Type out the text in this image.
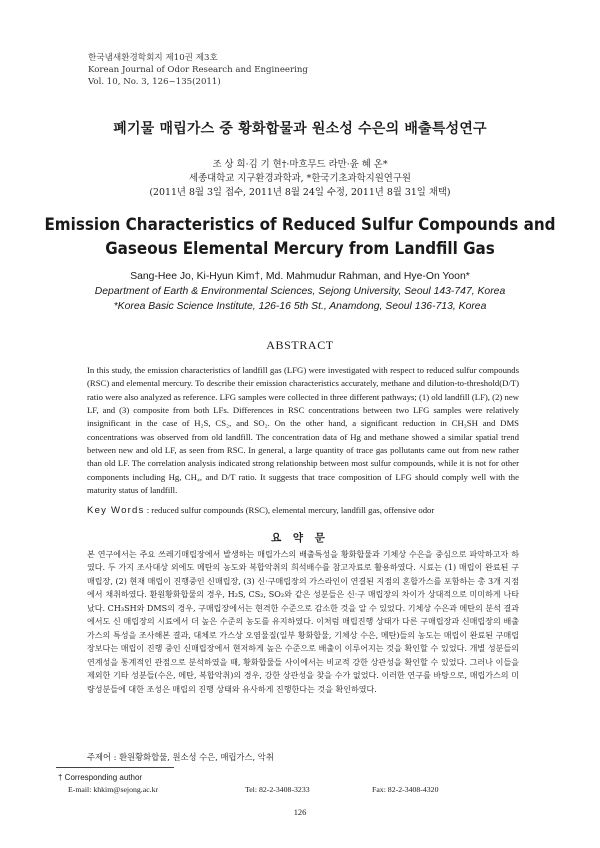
한국냄새환경학회지 제10권 제3호
Korean Journal of Odor Research and Engineering
Vol. 10, No. 3, 126~135(2011)
폐기물 매립가스 중 황화합물과 원소성 수은의 배출특성연구
조 상 희·김 기 현†·마흐무드 라만·윤 혜 온*
세종대학교 지구환경과학과, *한국기초과학지원연구원
(2011년 8월 3일 접수, 2011년 8월 24일 수정, 2011년 8월 31일 채택)
Emission Characteristics of Reduced Sulfur Compounds and
Gaseous Elemental Mercury from Landfill Gas
Sang-Hee Jo, Ki-Hyun Kim†, Md. Mahmudur Rahman, and Hye-On Yoon*
Department of Earth & Environmental Sciences, Sejong University, Seoul 143-747, Korea
*Korea Basic Science Institute, 126-16 5th St., Anamdong, Seoul 136-713, Korea
ABSTRACT

In this study, the emission characteristics of landfill gas (LFG) were investigated with respect to reduced sulfur compounds (RSC) and elemental mercury. To describe their emission characteristics accurately, methane and dilution-to-threshold(D/T) ratio were also analyzed as reference. LFG samples were collected in three different pathways; (1) old landfill (LF), (2) new LF, and (3) composite from both LFs. Differences in RSC concentrations between two LFG samples were relatively insignificant in the case of H₂S, CS₂, and SO₂. On the other hand, a significant reduction in CH₃SH and DMS concentrations was observed from old landfill. The concentration data of Hg and methane showed a similar spatial trend between new and old LF, as seen from RSC. In general, a large quantity of trace gas pollutants came out from new rather than old LF. The correlation analysis indicated strong relationship between most sulfur compounds, while it is not for other components including Hg, CH₄, and D/T ratio. It suggests that trace composition of LFG should comply well with the maturity status of landfill.

Key Words : reduced sulfur compounds (RSC), elemental mercury, landfill gas, offensive odor
요 약 문

본 연구에서는 주요 쓰레기매립장에서 발생하는 매립가스의 배출특성을 황화합물과 기체상 수은을 중심으로 파악하고자 하였다. 두 가지 조사대상 외에도 메탄의 농도와 복합악취의 희석배수를 참고자료로 활용하였다. 시료는 (1) 매립이 완료된 구매립장, (2) 현재 매립이 진행중인 신매립장, (3) 신·구매립장의 가스라인이 연결된 지점의 혼합가스를 포함하는 총 3개 지점에서 채취하였다. 환원황화합물의 경우, H₂S, CS₂, SO₂와 같은 성분들은 신·구 매립장의 차이가 상대적으로 미미하게 나타났다. CH₃SH와 DMS의 경우, 구매립장에서는 현격한 수준으로 감소한 것을 알 수 있었다. 기체상 수은과 메탄의 분석 결과에서도 신 매립장의 시료에서 더 높은 수준의 농도를 유지하였다. 이처럼 매립진행 상태가 다른 구매립장과 신매립장의 배출가스의 특성을 조사해본 결과, 대체로 가스상 오염물질(일부 황화합물, 기체상 수은, 메탄)들의 농도는 매립이 완료된 구매립장보다는 매립이 진행 중인 신매립장에서 현저하게 높은 수준으로 배출이 이루어지는 것을 확인할 수 있었다. 개별 성분들의 연계성을 통계적인 관점으로 분석하였을 때, 황화합물들 사이에서는 비교적 강한 상관성을 확인할 수 있었다. 그러나 이들을 제외한 기타 성분들(수은, 메탄, 복합악취)의 경우, 강한 상관성을 찾을 수가 없었다. 이러한 연구를 바탕으로, 매립가스의 미량성분들에 대한 조성은 매립의 진행 상태와 유사하게 진행한다는 것을 확인하였다.

주제어 : 환원황화합물, 원소성 수은, 매립가스, 악취
† Corresponding author
E-mail: khkim@sejong.ac.kr	Tel: 82-2-3408-3233	Fax: 82-2-3408-4320
126
